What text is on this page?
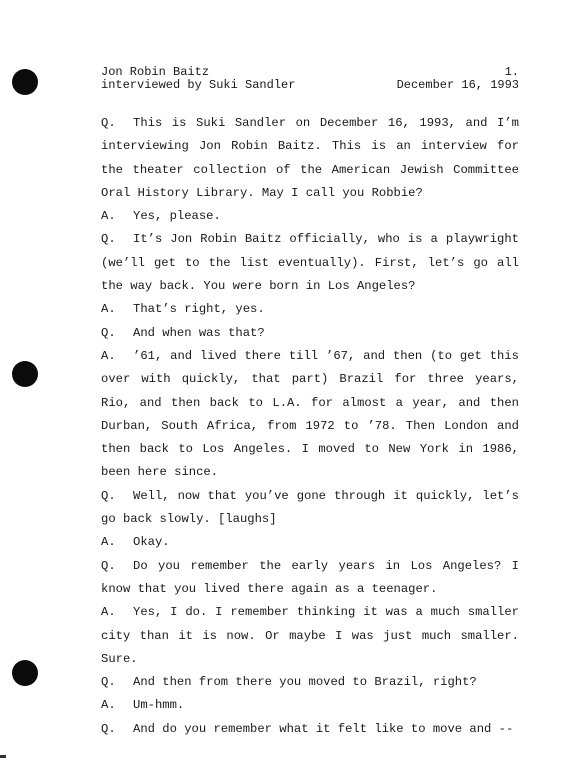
Jon Robin Baitz	1.
interviewed by Suki Sandler	December 16, 1993

Q. This is Suki Sandler on December 16, 1993, and I’m interviewing Jon Robin Baitz. This is an interview for the theater collection of the American Jewish Committee Oral History Library. May I call you Robbie?

A. Yes, please.

Q. It’s Jon Robin Baitz officially, who is a playwright (we’ll get to the list eventually). First, let’s go all the way back. You were born in Los Angeles?

A. That’s right, yes.

Q. And when was that?

A. ’61, and lived there till ’67, and then (to get this over with quickly, that part) Brazil for three years, Rio, and then back to L.A. for almost a year, and then Durban, South Africa, from 1972 to ’78. Then London and then back to Los Angeles. I moved to New York in 1986, been here since.

Q. Well, now that you’ve gone through it quickly, let’s go back slowly. [laughs]

A. Okay.

Q. Do you remember the early years in Los Angeles? I know that you lived there again as a teenager.

A. Yes, I do. I remember thinking it was a much smaller city than it is now. Or maybe I was just much smaller. Sure.

Q. And then from there you moved to Brazil, right?

A. Um-hmm.

Q. And do you remember what it felt like to move and --
